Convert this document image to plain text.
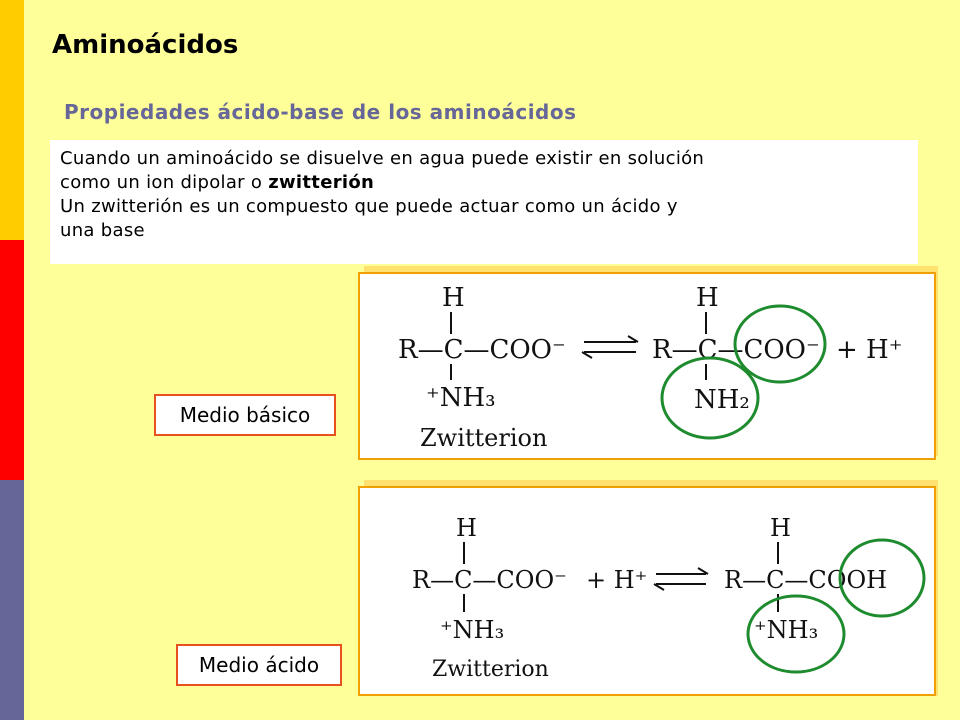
Aminoácidos
Propiedades ácido-base de los aminoácidos
Cuando un aminoácido se disuelve en agua puede existir en solución
como un ion dipolar o zwitterión
Un zwitterión es un compuesto que puede actuar como un ácido y
una base
H
R—C—COO⁻
⁺NH₃
Zwitterion
H
R—C—COO⁻ + H⁺
NH₂
Medio básico
H
R—C—COO⁻ + H⁺
⁺NH₃
Zwitterion
H
R—C—COOH
⁺NH₃
Medio ácido
